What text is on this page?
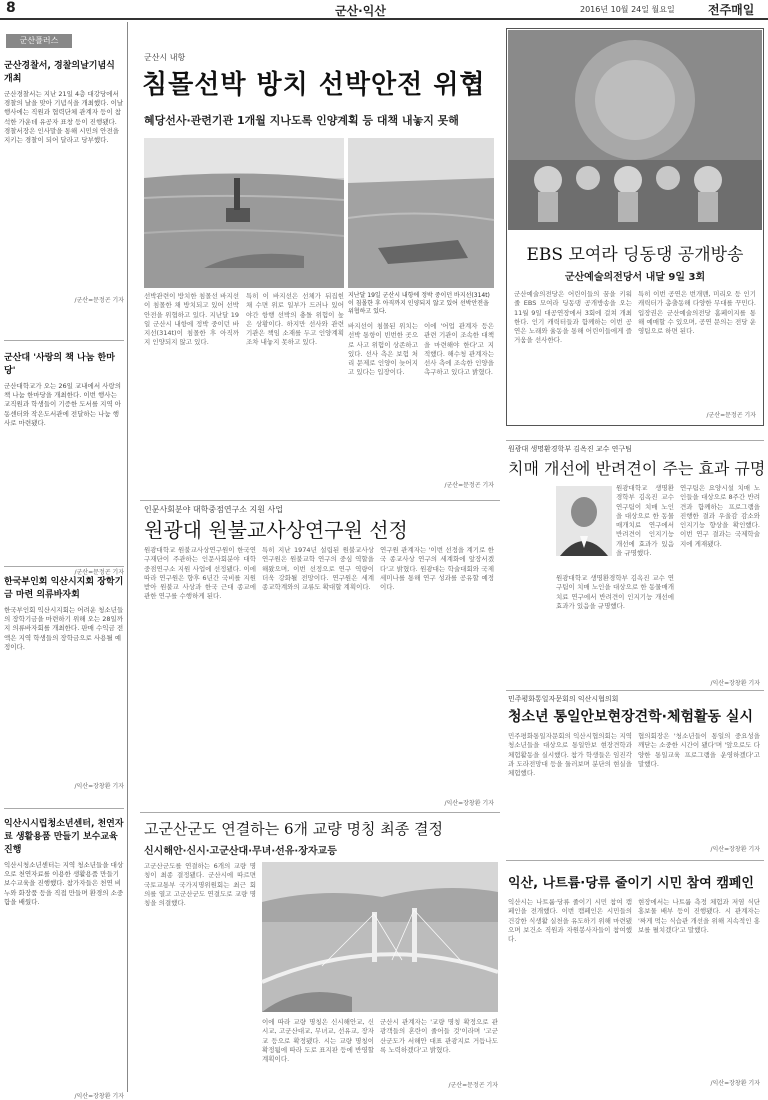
8	군산·익산	2016년 10월 24일 월요일	전주매일
군산플러스
군산경찰서, 경찰의날기념식 개최
군산경찰서는 지난 21일 4층 대강당에서 경찰의 날을 맞아 기념식을 개최했다. 이날 행사에는 직원과 협력단체 관계자 등이 참석한 가운데 유공자 표창 등이 진행됐다. 경찰서장은 인사말을 통해 시민의 안전을 지키는 경찰이 되어 달라고 당부했다.
/군산=문정곤 기자
군산대 '사랑의 책 나눔 한마당'
군산대학교가 오는 26일 교내에서 사랑의 책 나눔 한마당을 개최한다. 이번 행사는 교직원과 학생들이 기증한 도서를 지역 아동센터와 작은도서관에 전달하는 나눔 행사로 마련됐다.
/군산=문정곤 기자
한국부인회 익산시지회 장학기금 마련 의류바자회
한국부인회 익산시지회는 어려운 청소년들의 장학기금을 마련하기 위해 오는 28일까지 의류바자회를 개최한다. 판매 수익금 전액은 지역 학생들의 장학금으로 사용될 예정이다.
/익산=장창환 기자
익산시시립청소년센터, 천연자료 생활용품 만들기 보수교육 진행
익산시청소년센터는 지역 청소년들을 대상으로 천연자료를 이용한 생활용품 만들기 보수교육을 진행했다. 참가자들은 천연 비누와 화장품 등을 직접 만들며 환경의 소중함을 배웠다.
/익산=장창환 기자
군산시 내항
침몰선박 방치 선박안전 위협
혜당선사·관련기관 1개월 지나도록 인양계획 등 대책 내놓지 못해
지난달 19일 군산시 내항에 정박 중이던 바지선(314t)이 침몰한 후 아직까지 인양되지 않고 있어 선박안전을 위협하고 있다.
선박관련이 방치한 침몰선 바지선이 침몰한 채 방치되고 있어 선박 안전을 위협하고 있다. 지난달 19일 군산시 내항에 정박 중이던 바지선(314t)이 침몰한 후 아직까지 인양되지 않고 있다.
특히 이 바지선은 선체가 뒤집힌 채 수면 위로 일부가 드러나 있어 야간 항행 선박의 충돌 위험이 높은 상황이다. 하지만 선사와 관련기관은 책임 소재를 두고 인양계획조차 내놓지 못하고 있다.
바지선이 침몰된 위치는 선박 통항이 빈번한 곳으로 사고 위험이 상존하고 있다. 선사 측은 보험 처리 문제로 인양이 늦어지고 있다는 입장이다.
이에 '어업 관계자 등은 관련 기관이 조속한 대책을 마련해야 한다'고 지적했다. 해수청 관계자는 선사 측에 조속한 인양을 촉구하고 있다고 밝혔다.
/군산=문정곤 기자
EBS 모여라 딩동댕 공개방송
군산예술의전당서 내달 9일 3회
군산예술의전당은 어린이들의 꿈을 키워줄 EBS 모여라 딩동댕 공개방송을 오는 11월 9일 대공연장에서 3회에 걸쳐 개최한다. 인기 캐릭터들과 함께하는 이번 공연은 노래와 율동을 통해 어린이들에게 즐거움을 선사한다.
특히 이번 공연은 번개맨, 미리오 등 인기 캐릭터가 총출동해 다양한 무대를 꾸민다. 입장권은 군산예술의전당 홈페이지를 통해 예매할 수 있으며, 공연 문의는 전당 운영팀으로 하면 된다.
/군산=문정곤 기자
인문사회분야 대학중점연구소 지원 사업
원광대 원불교사상연구원 선정
원광대학교 원불교사상연구원이 한국연구재단이 주관하는 인문사회분야 대학중점연구소 지원 사업에 선정됐다. 이에 따라 연구원은 향후 6년간 국비를 지원받아 원불교 사상과 한국 근대 종교에 관한 연구를 수행하게 된다.
특히 지난 1974년 설립된 원불교사상연구원은 원불교학 연구의 중심 역할을 해왔으며, 이번 선정으로 연구 역량이 더욱 강화될 전망이다. 연구원은 세계 종교학계와의 교류도 확대할 계획이다.
연구원 관계자는 '이번 선정을 계기로 한국 종교사상 연구의 세계화에 앞장서겠다'고 밝혔다. 원광대는 학술대회와 국제 세미나를 통해 연구 성과를 공유할 예정이다.
/익산=장창환 기자
원광대 생명환경학부 김옥진 교수 연구팀
치매 개선에 반려견이 주는 효과 규명
원광대학교 생명환경학부 김옥진 교수 연구팀이 치매 노인을 대상으로 한 동물매개치료 연구에서 반려견이 인지기능 개선에 효과가 있음을 규명했다.
연구팀은 요양시설 치매 노인들을 대상으로 8주간 반려견과 함께하는 프로그램을 진행한 결과 우울감 감소와 인지기능 향상을 확인했다. 이번 연구 결과는 국제학술지에 게재됐다.
원광대학교 생명환경학부 김옥진 교수 연구팀이 치매 노인을 대상으로 한 동물매개치료 연구에서 반려견이 인지기능 개선에 효과가 있음을 규명했다.
/익산=장창환 기자
민주평화통일자문회의 익산시협의회
청소년 통일안보현장견학·체험활동 실시
민주평화통일자문회의 익산시협의회는 지역 청소년들을 대상으로 통일안보 현장견학과 체험활동을 실시했다. 참가 학생들은 임진각과 도라전망대 등을 둘러보며 분단의 현실을 체험했다.
협의회장은 '청소년들이 통일의 중요성을 깨닫는 소중한 시간이 됐다'며 '앞으로도 다양한 통일교육 프로그램을 운영하겠다'고 말했다.
/익산=장창환 기자
고군산군도 연결하는 6개 교량 명칭 최종 결정
신시해안·신시·고군산대·무녀·선유·장자교등
고군산군도를 연결하는 6개의 교량 명칭이 최종 결정됐다. 군산시에 따르면 국토교통부 국가지명위원회는 최근 회의를 열고 고군산군도 연결도로 교량 명칭을 의결했다.
이에 따라 교량 명칭은 신시해안교, 신시교, 고군산대교, 무녀교, 선유교, 장자교 등으로 확정됐다. 시는 교량 명칭이 확정됨에 따라 도로 표지판 등에 반영할 계획이다.
군산시 관계자는 '교량 명칭 확정으로 관광객들의 혼란이 줄어들 것'이라며 '고군산군도가 서해안 대표 관광지로 거듭나도록 노력하겠다'고 밝혔다.
/군산=문정곤 기자
익산, 나트륨·당류 줄이기 시민 참여 캠페인
익산시는 나트륨·당류 줄이기 시민 참여 캠페인을 전개했다. 이번 캠페인은 시민들의 건강한 식생활 실천을 유도하기 위해 마련됐으며 보건소 직원과 자원봉사자들이 참여했다.
현장에서는 나트륨 측정 체험과 저염 식단 홍보물 배부 등이 진행됐다. 시 관계자는 '짜게 먹는 식습관 개선을 위해 지속적인 홍보를 펼치겠다'고 말했다.
/익산=장창환 기자
